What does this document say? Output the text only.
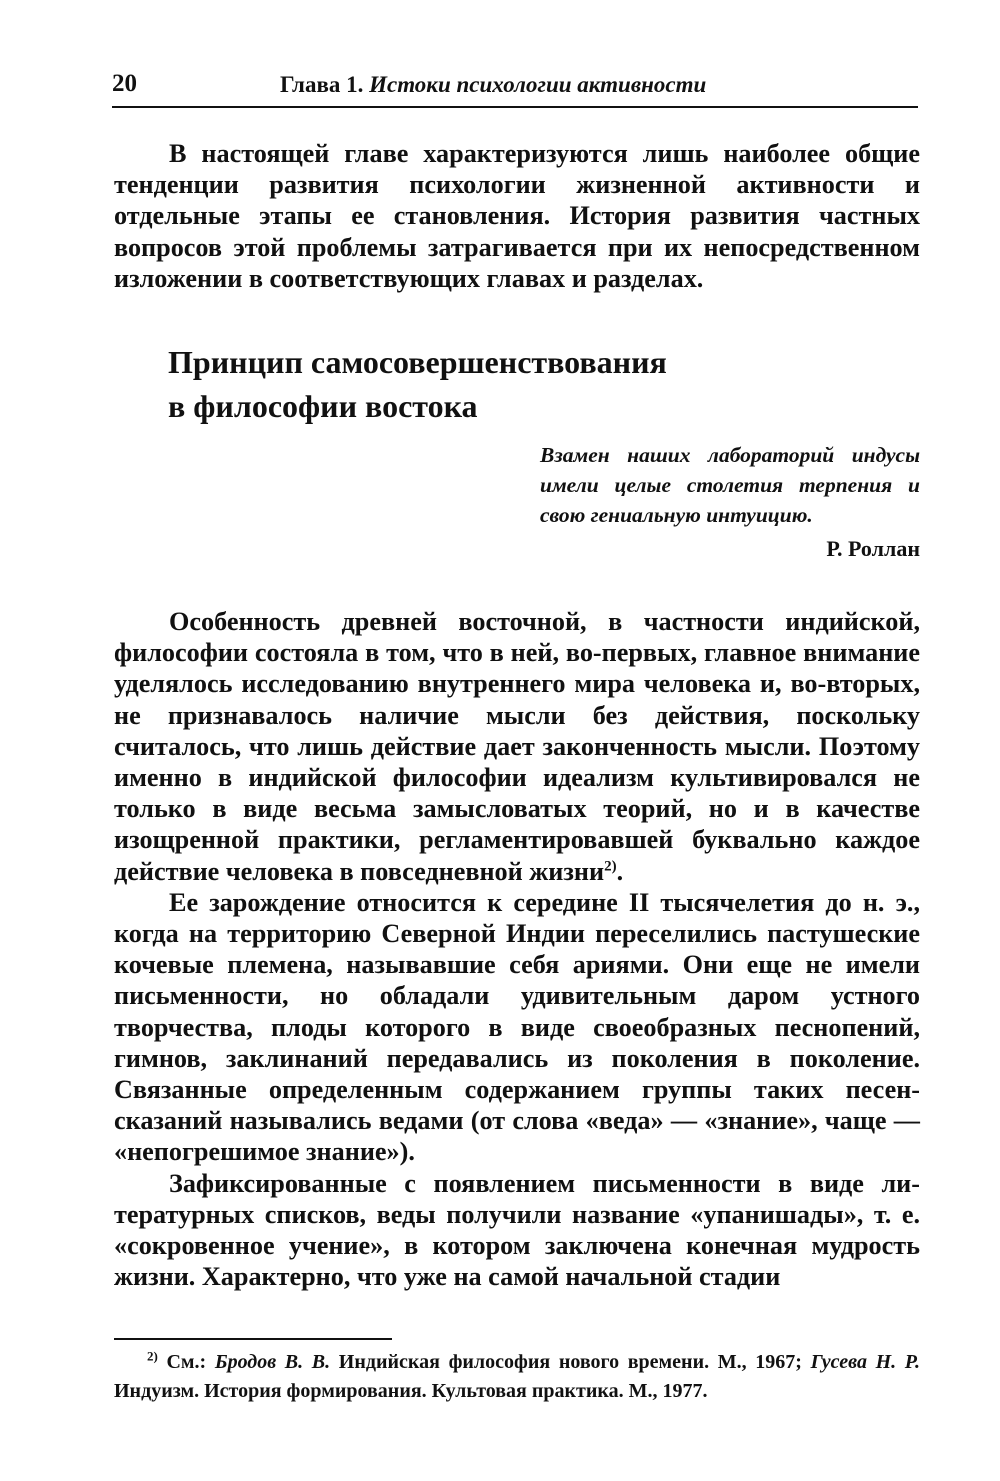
20	Глава 1. Истоки психологии активности

В настоящей главе характеризуются лишь наиболее общие тенденции развития психологии жизненной активности и отдельные этапы ее становления. История развития частных вопросов этой проблемы затрагивается при их непосредственном изложении в соответствующих главах и разделах.

Принцип самосовершенствования
в философии востока
Взамен наших лабораторий индусы имели целые столетия терпения и свою гениальную интуицию.
Р. Роллан

Особенность древней восточной, в частности индийской, философии состояла в том, что в ней, во-первых, главное внимание уделялось исследованию внутреннего мира человека и, во-вторых, не признавалось наличие мысли без действия, поскольку считалось, что лишь действие дает законченность мысли. Поэтому именно в индийской философии идеализм культивировался не только в виде весьма замысловатых теорий, но и в качестве изощренной практики, регламентировавшей буквально каждое действие человека в повседневной жизни$^{2)}$.

Ее зарождение относится к середине II тысячелетия до н. э., когда на территорию Северной Индии переселились пастушеские кочевые племена, называвшие себя ариями. Они еще не имели письменности, но обладали удивительным даром устного творчества, плоды которого в виде своеобразных песнопений, гимнов, заклинаний передавались из поколения в поколение. Связанные определенным содержанием группы таких песен-сказаний назывались ведами (от слова «веда» — «знание», чаще — «непогрешимое знание»).

Зафиксированные с появлением письменности в виде литературных списков, веды получили название «упанишады», т. е. «сокровенное учение», в котором заключена конечная мудрость жизни. Характерно, что уже на самой начальной стадии

$^{2)}$ См.: Бродов В. В. Индийская философия нового времени. М., 1967; Гусева Н. Р. Индуизм. История формирования. Культовая практика. М., 1977.
